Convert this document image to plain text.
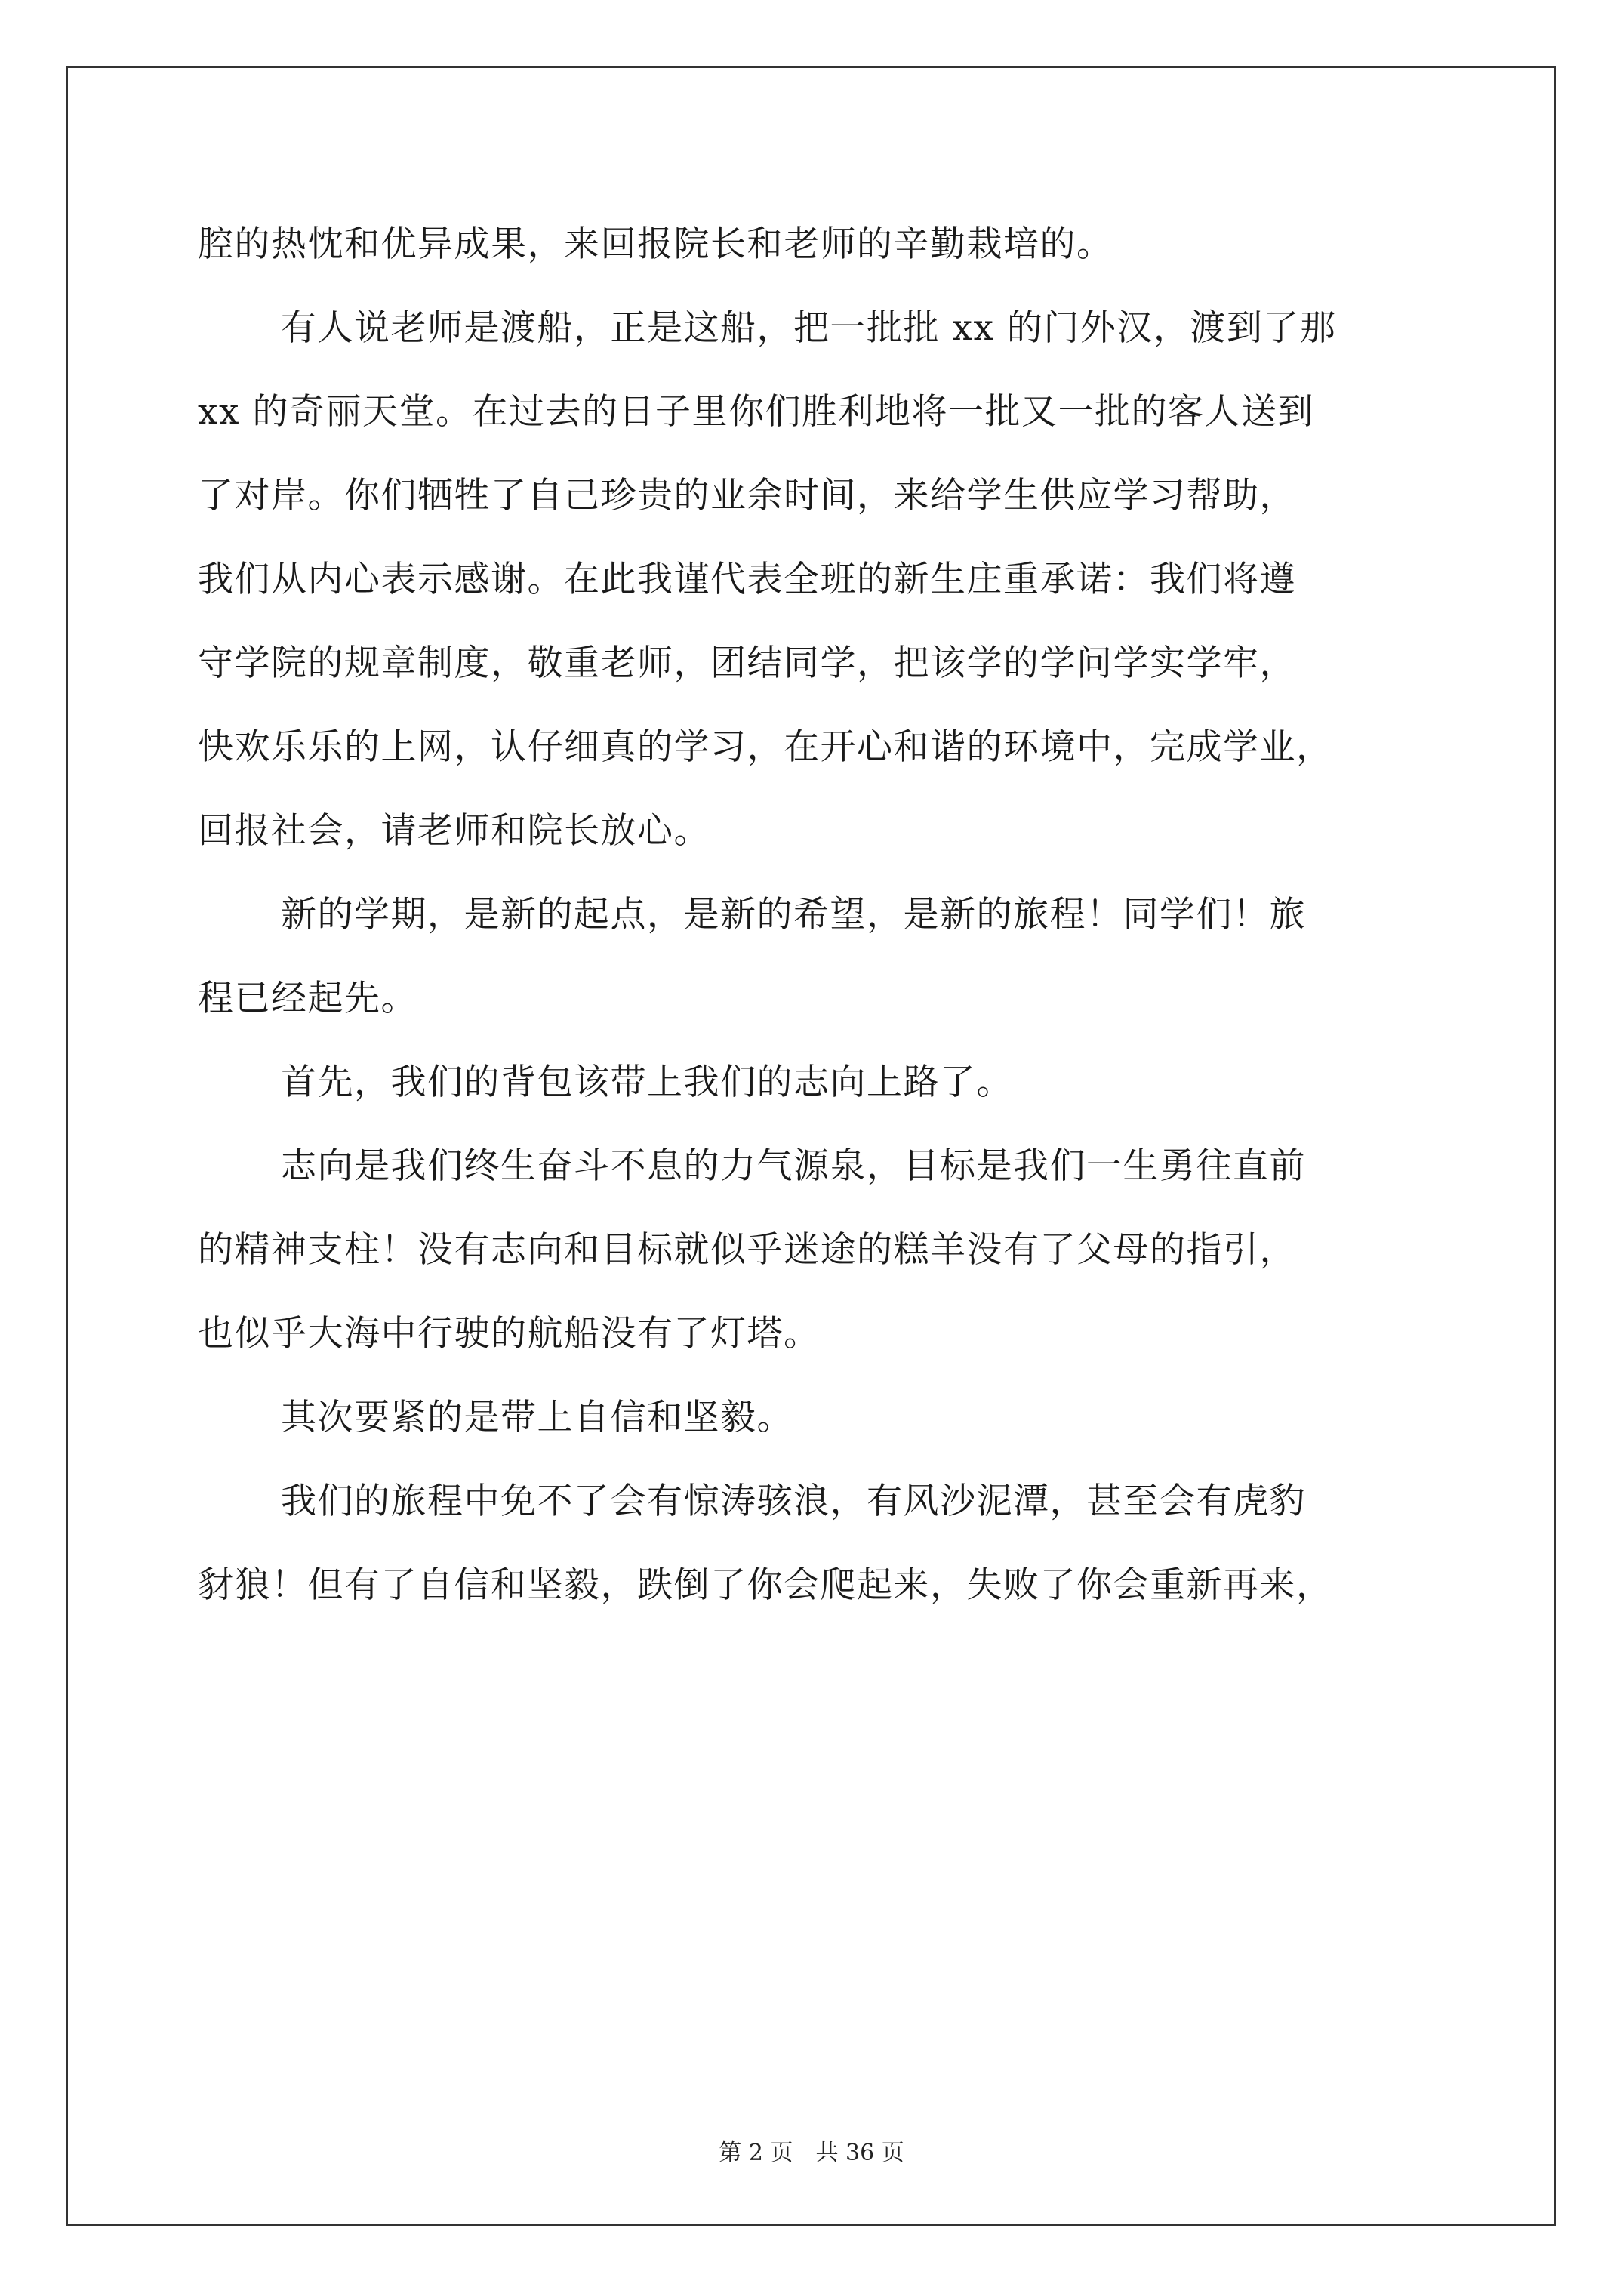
腔的热忱和优异成果，来回报院长和老师的辛勤栽培的。
有人说老师是渡船，正是这船，把一批批 xx 的门外汉，渡到了那
xx 的奇丽天堂。在过去的日子里你们胜利地将一批又一批的客人送到
了对岸。你们牺牲了自己珍贵的业余时间，来给学生供应学习帮助，
我们从内心表示感谢。在此我谨代表全班的新生庄重承诺：我们将遵
守学院的规章制度，敬重老师，团结同学，把该学的学问学实学牢，
快欢乐乐的上网，认仔细真的学习，在开心和谐的环境中，完成学业，
回报社会，请老师和院长放心。
新的学期，是新的起点，是新的希望，是新的旅程！同学们！旅
程已经起先。
首先，我们的背包该带上我们的志向上路了。
志向是我们终生奋斗不息的力气源泉，目标是我们一生勇往直前
的精神支柱！没有志向和目标就似乎迷途的糕羊没有了父母的指引，
也似乎大海中行驶的航船没有了灯塔。
其次要紧的是带上自信和坚毅。
我们的旅程中免不了会有惊涛骇浪，有风沙泥潭，甚至会有虎豹
豺狼！但有了自信和坚毅，跌倒了你会爬起来，失败了你会重新再来，
第 2 页 共 36 页
